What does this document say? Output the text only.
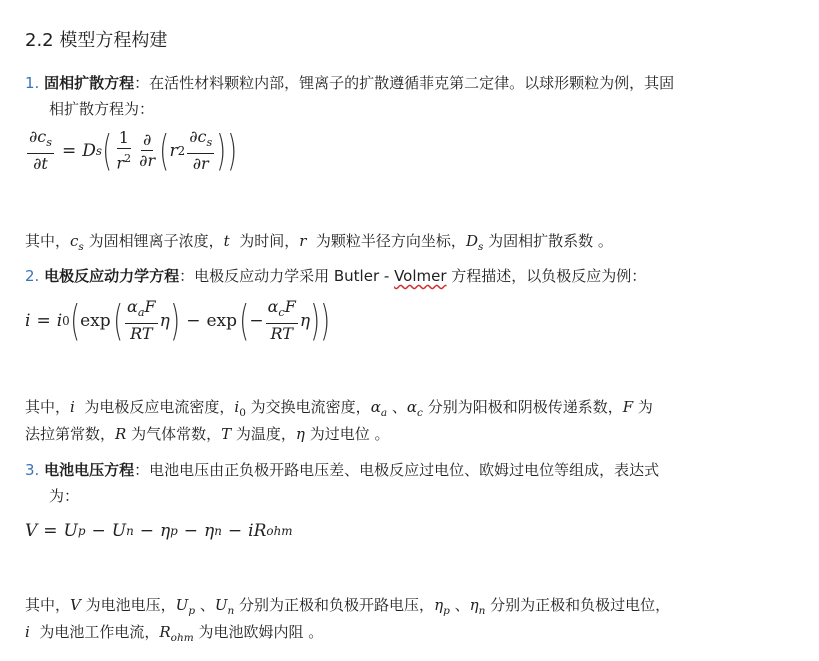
2.2 模型方程构建
1. 固相扩散方程：在活性材料颗粒内部，锂离子的扩散遵循菲克第二定律。以球形颗粒为例，其固
相扩散方程为：
$\frac{\partial c_s}{\partial t} = D$ s ( $\frac{1}{r^2} \frac{\partial}{\partial r}$ ( r $2 \frac{\partial c_s}{\partial r}$ ) )
其中，$c_s$ 为固相锂离子浓度，t 为时间，r 为颗粒半径方向坐标，$D_s$ 为固相扩散系数 。
2. 电极反应动力学方程：电极反应动力学采用 Butler - Volmer 方程描述，以负极反应为例：
i = i 0 ( exp ( $\frac{\alpha_aF}{RT}$ η ) − exp ( − $\frac{\alpha_cF}{RT}$ η ) )
其中，i 为电极反应电流密度，$i_0$ 为交换电流密度，$\alpha_a$ 、$\alpha_c$ 分别为阳极和阴极传递系数，F 为
法拉第常数，R 为气体常数，T 为温度，η 为过电位 。
3. 电池电压方程：电池电压由正负极开路电压差、电极反应过电位、欧姆过电位等组成，表达式
为：
V = U p − U n − η p − η n − iR ohm
其中，V 为电池电压，$U_p$ 、$U_n$ 分别为正极和负极开路电压，$\eta_p$ 、$\eta_n$ 分别为正极和负极过电位，
i 为电池工作电流，$R_{ohm}$ 为电池欧姆内阻 。
